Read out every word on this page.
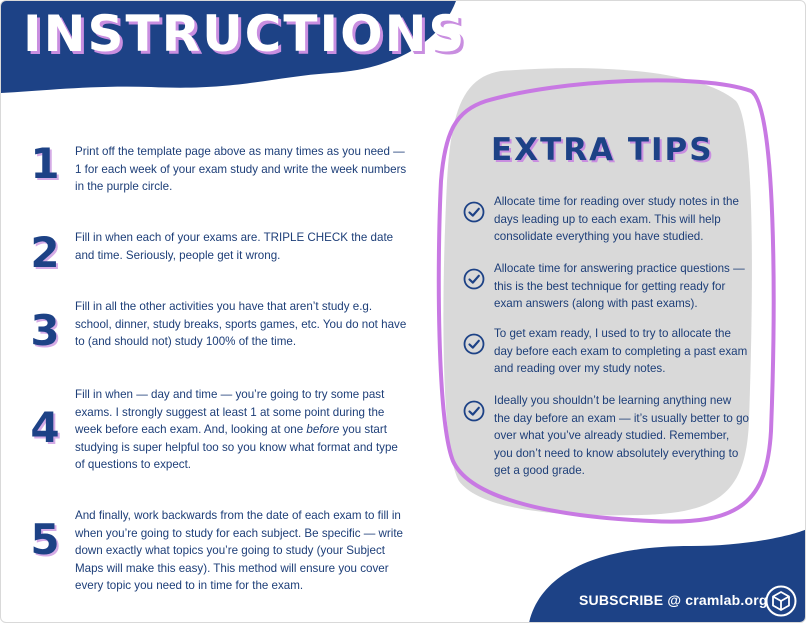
INSTRUCTIONS
1	Print off the template page above as many times as you need — 1 for each week of your exam study and write the week numbers in the purple circle.

2	Fill in when each of your exams are. TRIPLE CHECK the date and time. Seriously, people get it wrong.

3	Fill in all the other activities you have that aren’t study e.g. school, dinner, study breaks, sports games, etc. You do not have to (and should not) study 100% of the time.

4

Fill in when — day and time — you’re going to try some past exams. I strongly suggest at least 1 at some point during the week before each exam. And, looking at one before you start studying is super helpful too so you know what format and type of questions to expect.

5	And finally, work backwards from the date of each exam to fill in when you’re going to study for each subject. Be specific — write down exactly what topics you’re going to study (your Subject Maps will make this easy). This method will ensure you cover every topic you need to in time for the exam.

EXTRA TIPS

Allocate time for reading over study notes in the days leading up to each exam. This will help consolidate everything you have studied.

Allocate time for answering practice questions — this is the best technique for getting ready for exam answers (along with past exams).

To get exam ready, I used to try to allocate the day before each exam to completing a past exam and reading over my study notes.

Ideally you shouldn’t be learning anything new the day before an exam — it’s usually better to go over what you’ve already studied. Remember, you don’t need to know absolutely everything to get a good grade.

SUBSCRIBE @ cramlab.org
